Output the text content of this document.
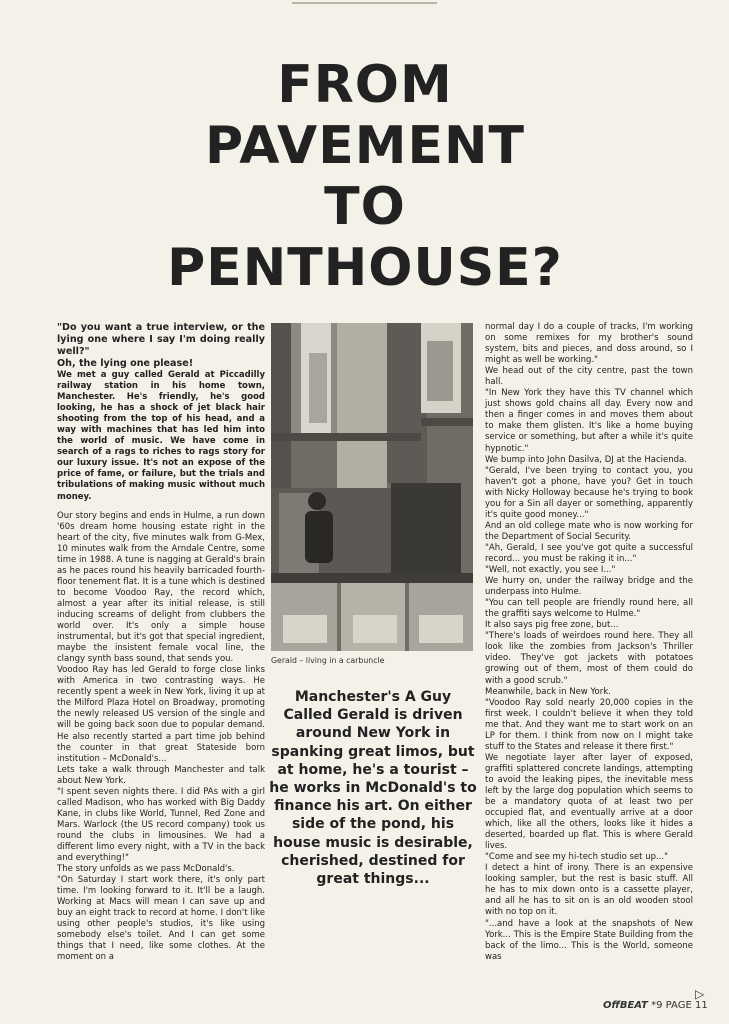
FROM
PAVEMENT
TO
PENTHOUSE?

"Do you want a true interview, or the lying one where I say I'm doing really well?"

Oh, the lying one please!

We met a guy called Gerald at Piccadilly railway station in his home town, Manchester. He's friendly, he's good looking, he has a shock of jet black hair shooting from the top of his head, and a way with machines that has led him into the world of music. We have come in search of a rags to riches to rags story for our luxury issue. It's not an expose of the price of fame, or failure, but the trials and tribulations of making music without much money.

Our story begins and ends in Hulme, a run down '60s dream home housing estate right in the heart of the city, five minutes walk from G-Mex, 10 minutes walk from the Arndale Centre, some time in 1988. A tune is nagging at Gerald's brain as he paces round his heavily barricaded fourth-floor tenement flat. It is a tune which is destined to become Voodoo Ray, the record which, almost a year after its initial release, is still inducing screams of delight from clubbers the world over. It's only a simple house instrumental, but it's got that special ingredient, maybe the insistent female vocal line, the clangy synth bass sound, that sends you.

Voodoo Ray has led Gerald to forge close links with America in two contrasting ways. He recently spent a week in New York, living it up at the Milford Plaza Hotel on Broadway, promoting the newly released US version of the single and will be going back soon due to popular demand. He also recently started a part time job behind the counter in that great Stateside born institution – McDonald's...

Lets take a walk through Manchester and talk about New York.

"I spent seven nights there. I did PAs with a girl called Madison, who has worked with Big Daddy Kane, in clubs like World, Tunnel, Red Zone and Mars. Warlock (the US record company) took us round the clubs in limousines. We had a different limo every night, with a TV in the back and everything!"

The story unfolds as we pass McDonald's.

"On Saturday I start work there, it's only part time. I'm looking forward to it. It'll be a laugh. Working at Macs will mean I can save up and buy an eight track to record at home. I don't like using other people's studios, it's like using somebody else's toilet. And I can get some things that I need, like some clothes. At the moment on a

Gerald – living in a carbuncle
Manchester's A Guy Called Gerald is driven around New York in spanking great limos, but at home, he's a tourist – he works in McDonald's to finance his art. On either side of the pond, his house music is desirable, cherished, destined for great things...

normal day I do a couple of tracks, I'm working on some remixes for my brother's sound system, bits and pieces, and doss around, so I might as well be working."

We head out of the city centre, past the town hall.

"In New York they have this TV channel which just shows gold chains all day. Every now and then a finger comes in and moves them about to make them glisten. It's like a home buying service or something, but after a while it's quite hypnotic."

We bump into John Dasilva, DJ at the Hacienda.

"Gerald, I've been trying to contact you, you haven't got a phone, have you? Get in touch with Nicky Holloway because he's trying to book you for a Sin all dayer or something, apparently it's quite good money..."

And an old college mate who is now working for the Department of Social Security.

"Ah, Gerald, I see you've got quite a successful record... you must be raking it in..."

"Well, not exactly, you see I..."

We hurry on, under the railway bridge and the underpass into Hulme.

"You can tell people are friendly round here, all the graffiti says welcome to Hulme."

It also says pig free zone, but...

"There's loads of weirdoes round here. They all look like the zombies from Jackson's Thriller video. They've got jackets with potatoes growing out of them, most of them could do with a good scrub."

Meanwhile, back in New York.

"Voodoo Ray sold nearly 20,000 copies in the first week. I couldn't believe it when they told me that. And they want me to start work on an LP for them. I think from now on I might take stuff to the States and release it there first."

We negotiate layer after layer of exposed, graffiti splattered concrete landings, attempting to avoid the leaking pipes, the inevitable mess left by the large dog population which seems to be a mandatory quota of at least two per occupied flat, and eventually arrive at a door which, like all the others, looks like it hides a deserted, boarded up flat. This is where Gerald lives.

"Come and see my hi-tech studio set up..."

I detect a hint of irony. There is an expensive looking sampler, but the rest is basic stuff. All he has to mix down onto is a cassette player, and all he has to sit on is an old wooden stool with no top on it.

"...and have a look at the snapshots of New York... This is the Empire State Building from the back of the limo... This is the World, someone was

▷
OffBEAT *9 PAGE 11
